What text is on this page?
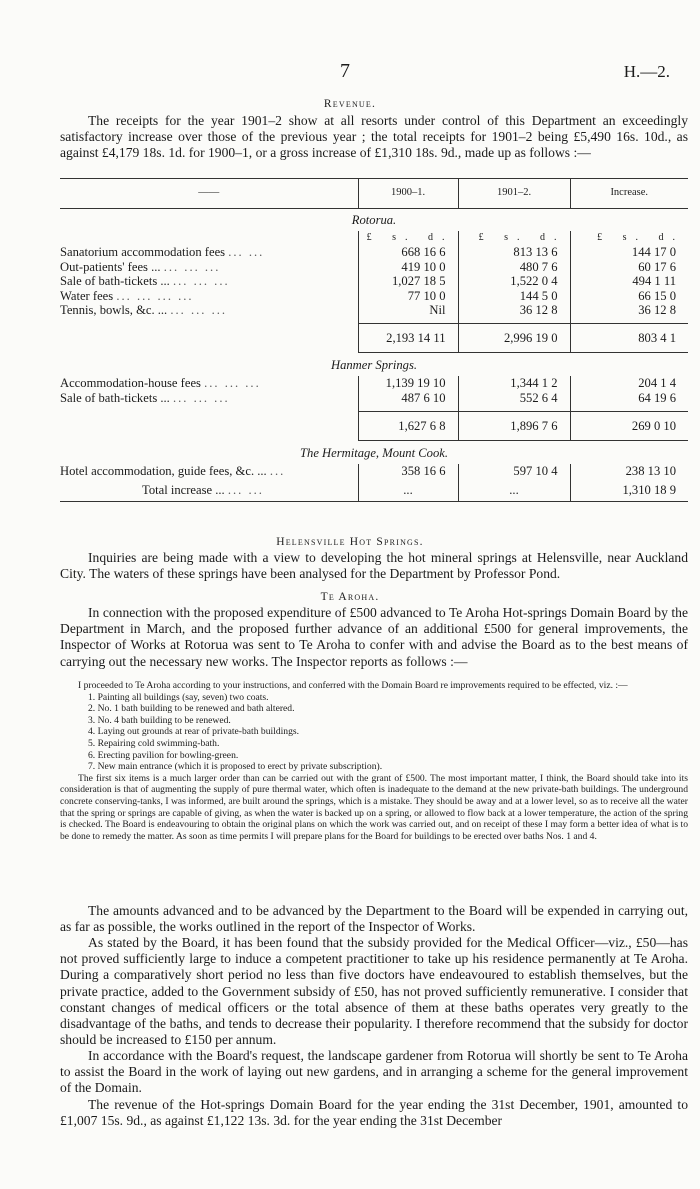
7	H.—2.
Revenue.
The receipts for the year 1901–2 show at all resorts under control of this Department an exceedingly satisfactory increase over those of the previous year ; the total receipts for 1901–2 being £5,490 16s. 10d., as against £4,179 18s. 1d. for 1900–1, or a gross increase of £1,310 18s. 9d., made up as follows :—
——	1900–1.	1901–2.	Increase.
Rotorua.			
	£ s. d.	£ s. d.	£ s. d.
Sanatorium accommodation fees ... ...	668 16 6	813 13 6	144 17 0
Out-patients' fees ... ... ... ...	419 10 0	480 7 6	60 17 6
Sale of bath-tickets ... ... ... ...	1,027 18 5	1,522 0 4	494 1 11
Water fees ... ... ... ...	77 10 0	144 5 0	66 15 0
Tennis, bowls, &c. ... ... ... ...	Nil	36 12 8	36 12 8

	2,193 14 11	2,996 19 0	803 4 1
Hanmer Springs.			
Accommodation-house fees ... ... ...	1,139 19 10	1,344 1 2	204 1 4
Sale of bath-tickets ... ... ... ...	487 6 10	552 6 4	64 19 6

	1,627 6 8	1,896 7 6	269 0 10
The Hermitage, Mount Cook.			
Hotel accommodation, guide fees, &c. ... ...	358 16 6	597 10 4	238 13 10
Total increase ... ... ...	...	...	1,310 18 9
Helensville Hot Springs.
Inquiries are being made with a view to developing the hot mineral springs at Helensville, near Auckland City. The waters of these springs have been analysed for the Department by Professor Pond.
Te Aroha.
In connection with the proposed expenditure of £500 advanced to Te Aroha Hot-springs Domain Board by the Department in March, and the proposed further advance of an additional £500 for general improvements, the Inspector of Works at Rotorua was sent to Te Aroha to confer with and advise the Board as to the best means of carrying out the necessary new works. The Inspector reports as follows :—
I proceeded to Te Aroha according to your instructions, and conferred with the Domain Board re improvements required to be effected, viz. :—
1. Painting all buildings (say, seven) two coats.
2. No. 1 bath building to be renewed and bath altered.
3. No. 4 bath building to be renewed.
4. Laying out grounds at rear of private-bath buildings.
5. Repairing cold swimming-bath.
6. Erecting pavilion for bowling-green.
7. New main entrance (which it is proposed to erect by private subscription).
The first six items is a much larger order than can be carried out with the grant of £500. The most important matter, I think, the Board should take into its consideration is that of augmenting the supply of pure thermal water, which often is inadequate to the demand at the new private-bath buildings. The underground concrete conserving-tanks, I was informed, are built around the springs, which is a mistake. They should be away and at a lower level, so as to receive all the water that the spring or springs are capable of giving, as when the water is backed up on a spring, or allowed to flow back at a lower temperature, the action of the spring is checked. The Board is endeavouring to obtain the original plans on which the work was carried out, and on receipt of these I may form a better idea of what is to be done to remedy the matter. As soon as time permits I will prepare plans for the Board for buildings to be erected over baths Nos. 1 and 4.
The amounts advanced and to be advanced by the Department to the Board will be expended in carrying out, as far as possible, the works outlined in the report of the Inspector of Works.
As stated by the Board, it has been found that the subsidy provided for the Medical Officer—viz., £50—has not proved sufficiently large to induce a competent practitioner to take up his residence permanently at Te Aroha. During a comparatively short period no less than five doctors have endeavoured to establish themselves, but the private practice, added to the Government subsidy of £50, has not proved sufficiently remunerative. I consider that constant changes of medical officers or the total absence of them at these baths operates very greatly to the disadvantage of the baths, and tends to decrease their popularity. I therefore recommend that the subsidy for doctor should be increased to £150 per annum.
In accordance with the Board's request, the landscape gardener from Rotorua will shortly be sent to Te Aroha to assist the Board in the work of laying out new gardens, and in arranging a scheme for the general improvement of the Domain.
The revenue of the Hot-springs Domain Board for the year ending the 31st December, 1901, amounted to £1,007 15s. 9d., as against £1,122 13s. 3d. for the year ending the 31st December
